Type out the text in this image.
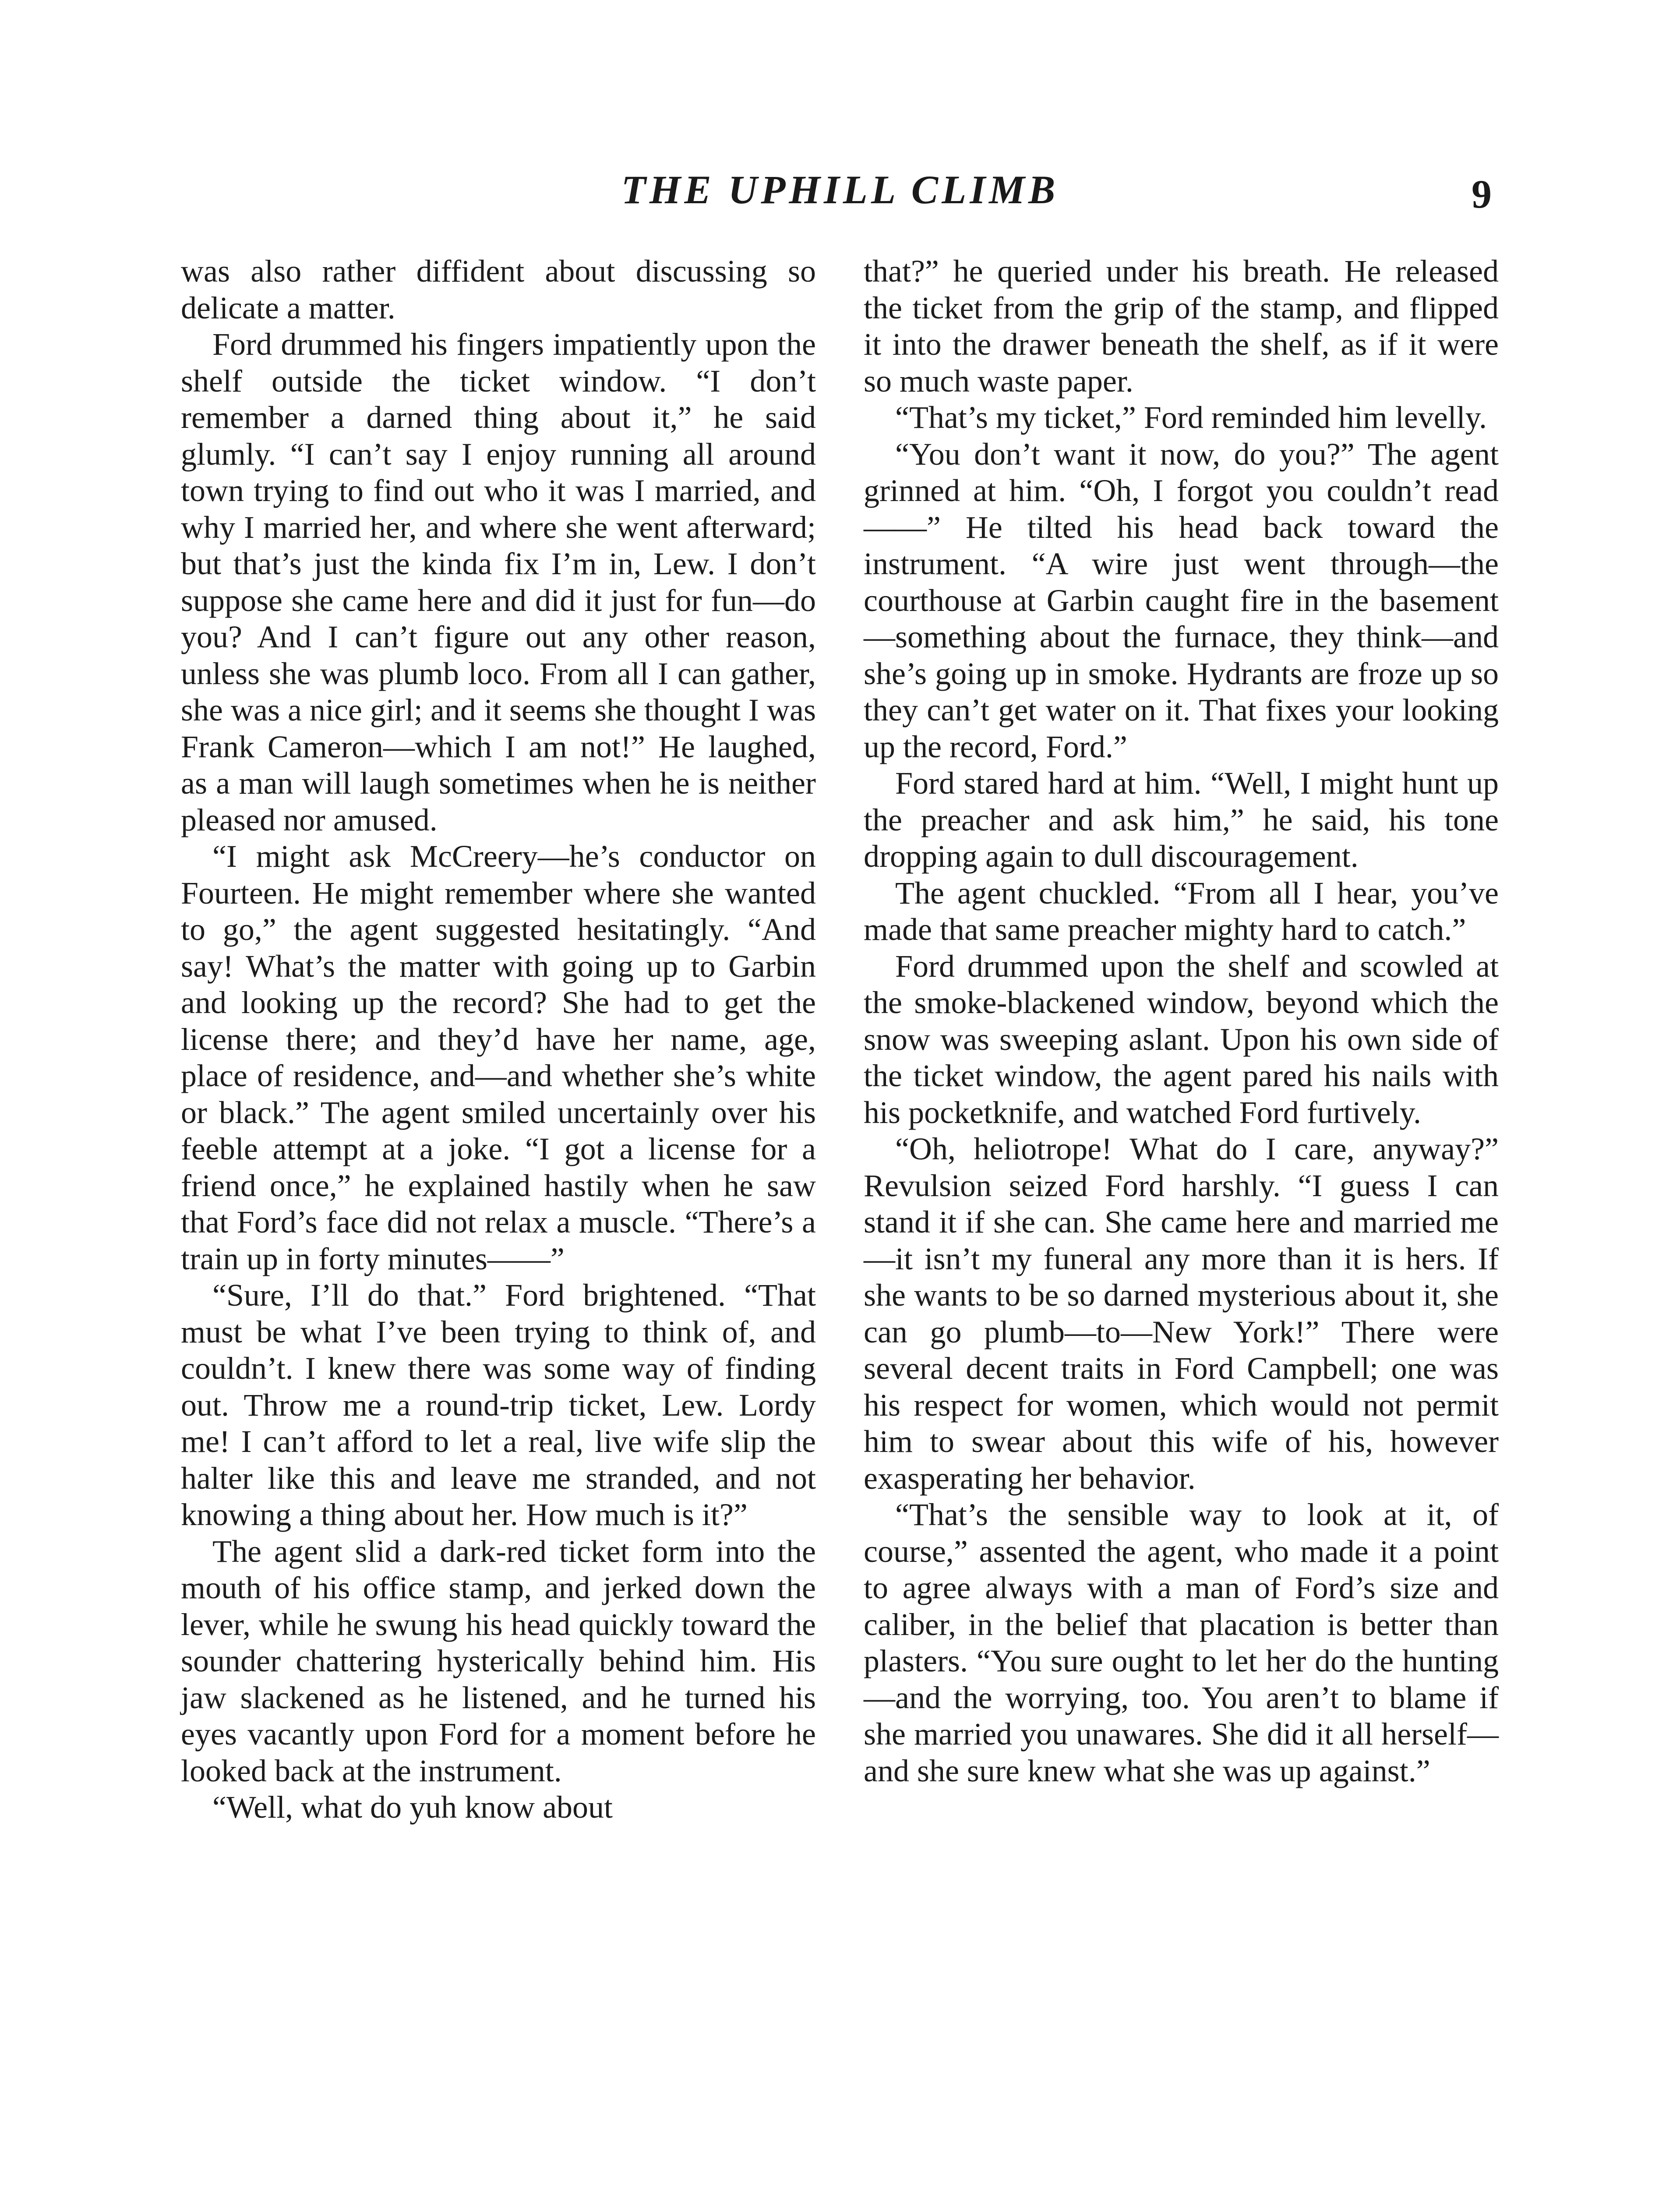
THE UPHILL CLIMB	9

was also rather diffident about discussing so delicate a matter.

Ford drummed his fingers impatiently upon the shelf outside the ticket window. “I don’t remember a darned thing about it,” he said glumly. “I can’t say I enjoy running all around town trying to find out who it was I married, and why I married her, and where she went afterward; but that’s just the kinda fix I’m in, Lew. I don’t suppose she came here and did it just for fun—do you? And I can’t figure out any other reason, unless she was plumb loco. From all I can gather, she was a nice girl; and it seems she thought I was Frank Cameron—which I am not!” He laughed, as a man will laugh sometimes when he is neither pleased nor amused.

“I might ask McCreery—he’s conductor on Fourteen. He might remember where she wanted to go,” the agent suggested hesitatingly. “And say! What’s the matter with going up to Garbin and looking up the record? She had to get the license there; and they’d have her name, age, place of residence, and—and whether she’s white or black.” The agent smiled uncertainly over his feeble attempt at a joke. “I got a license for a friend once,” he explained hastily when he saw that Ford’s face did not relax a muscle. “There’s a train up in forty minutes——”

“Sure, I’ll do that.” Ford brightened. “That must be what I’ve been trying to think of, and couldn’t. I knew there was some way of finding out. Throw me a round-trip ticket, Lew. Lordy me! I can’t afford to let a real, live wife slip the halter like this and leave me stranded, and not knowing a thing about her. How much is it?”

The agent slid a dark-red ticket form into the mouth of his office stamp, and jerked down the lever, while he swung his head quickly toward the sounder chattering hysterically behind him. His jaw slackened as he listened, and he turned his eyes vacantly upon Ford for a moment before he looked back at the instrument.

“Well, what do yuh know about

that?” he queried under his breath. He released the ticket from the grip of the stamp, and flipped it into the drawer beneath the shelf, as if it were so much waste paper.

“That’s my ticket,” Ford reminded him levelly.

“You don’t want it now, do you?” The agent grinned at him. “Oh, I forgot you couldn’t read——” He tilted his head back toward the instrument. “A wire just went through—the courthouse at Garbin caught fire in the basement—something about the furnace, they think—and she’s going up in smoke. Hydrants are froze up so they can’t get water on it. That fixes your looking up the record, Ford.”

Ford stared hard at him. “Well, I might hunt up the preacher and ask him,” he said, his tone dropping again to dull discouragement.

The agent chuckled. “From all I hear, you’ve made that same preacher mighty hard to catch.”

Ford drummed upon the shelf and scowled at the smoke-blackened window, beyond which the snow was sweeping aslant. Upon his own side of the ticket window, the agent pared his nails with his pocketknife, and watched Ford furtively.

“Oh, heliotrope! What do I care, anyway?” Revulsion seized Ford harshly. “I guess I can stand it if she can. She came here and married me—it isn’t my funeral any more than it is hers. If she wants to be so darned mysterious about it, she can go plumb—to—New York!” There were several decent traits in Ford Campbell; one was his respect for women, which would not permit him to swear about this wife of his, however exasperating her behavior.

“That’s the sensible way to look at it, of course,” assented the agent, who made it a point to agree always with a man of Ford’s size and caliber, in the belief that placation is better than plasters. “You sure ought to let her do the hunting—and the worrying, too. You aren’t to blame if she married you unawares. She did it all herself—and she sure knew what she was up against.”
